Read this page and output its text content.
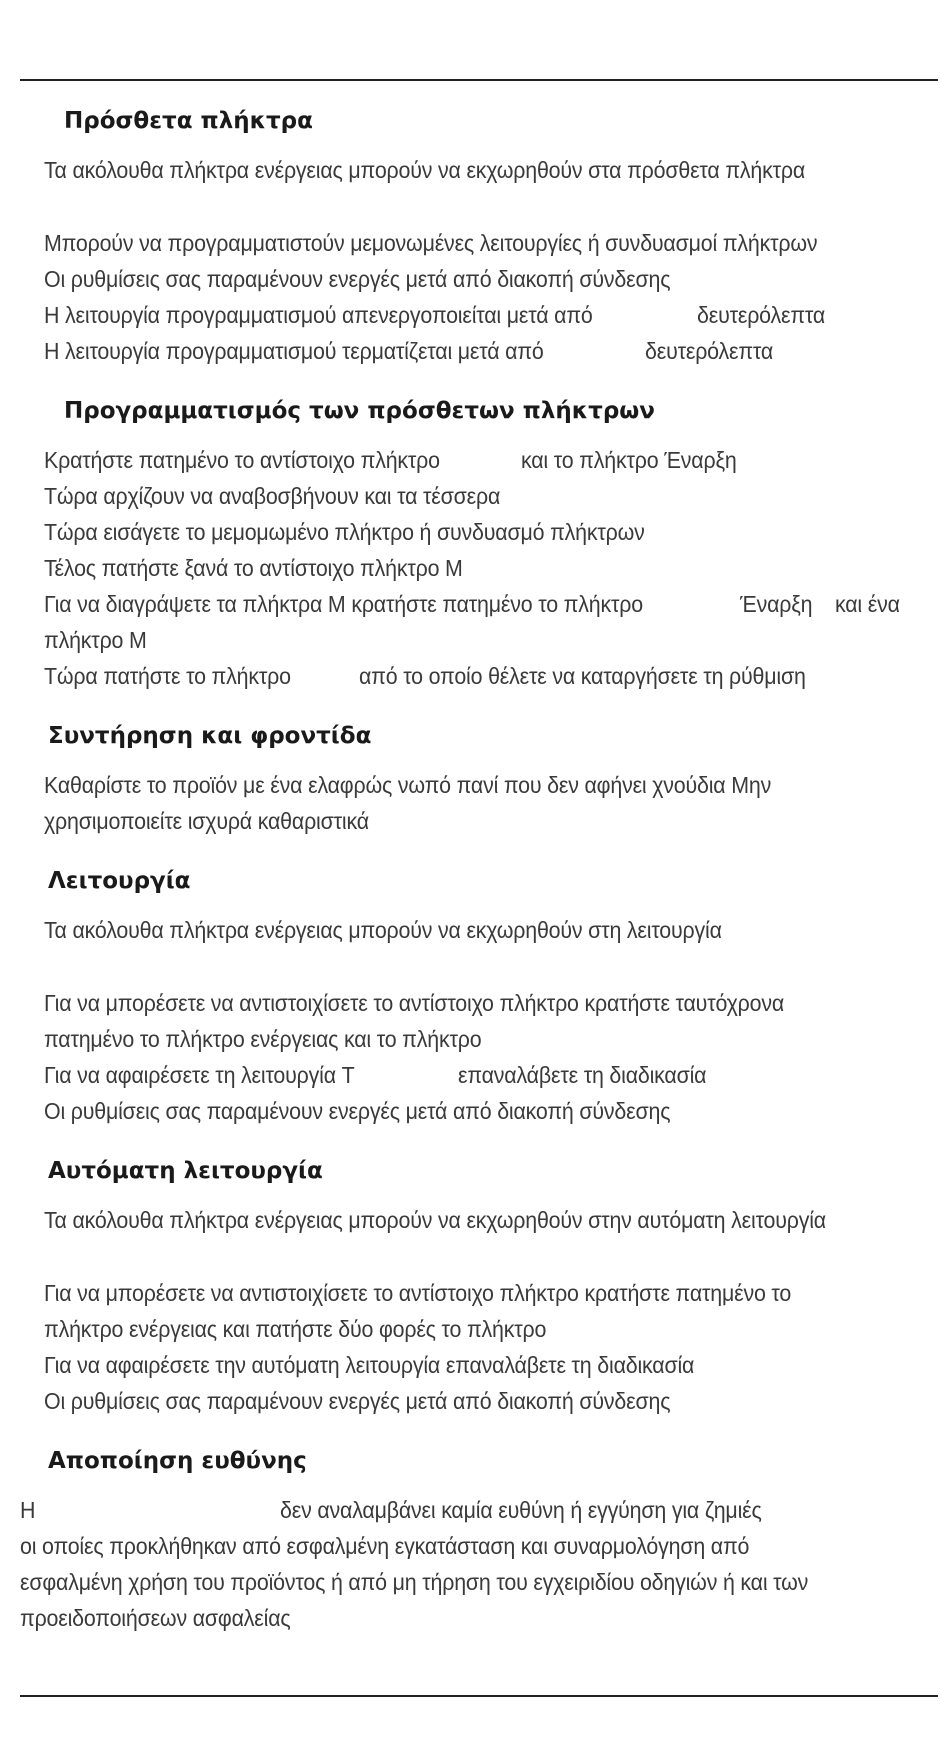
Πρόσθετα πλήκτρα
Τα ακόλουθα πλήκτρα ενέργειας μπορούν να εκχωρηθούν στα πρόσθετα πλήκτρα
Μπορούν να προγραμματιστούν μεμονωμένες λειτουργίες ή συνδυασμοί πλήκτρων
Οι ρυθμίσεις σας παραμένουν ενεργές μετά από διακοπή σύνδεσης
Η λειτουργία προγραμματισμού απενεργοποιείται μετά από	δευτερόλεπτα
Η λειτουργία προγραμματισμού τερματίζεται μετά από	δευτερόλεπτα
Προγραμματισμός των πρόσθετων πλήκτρων
Κρατήστε πατημένο το αντίστοιχο πλήκτρο	και το πλήκτρο Έναρξη
Τώρα αρχίζουν να αναβοσβήνουν και τα τέσσερα
Τώρα εισάγετε το μεμομωμένο πλήκτρο ή συνδυασμό πλήκτρων
Τέλος πατήστε ξανά το αντίστοιχο πλήκτρο M
Για να διαγράψετε τα πλήκτρα M κρατήστε πατημένο το πλήκτρο	Έναρξη και ένα
πλήκτρο M
Τώρα πατήστε το πλήκτρο	από το οποίο θέλετε να καταργήσετε τη ρύθμιση
Συντήρηση και φροντίδα
Καθαρίστε το προϊόν με ένα ελαφρώς νωπό πανί που δεν αφήνει χνούδια Μην
χρησιμοποιείτε ισχυρά καθαριστικά
Λειτουργία
Τα ακόλουθα πλήκτρα ενέργειας μπορούν να εκχωρηθούν στη λειτουργία
Για να μπορέσετε να αντιστοιχίσετε το αντίστοιχο πλήκτρο κρατήστε ταυτόχρονα
πατημένο το πλήκτρο ενέργειας και το πλήκτρο
Για να αφαιρέσετε τη λειτουργία T	επαναλάβετε τη διαδικασία
Οι ρυθμίσεις σας παραμένουν ενεργές μετά από διακοπή σύνδεσης
Αυτόματη λειτουργία
Τα ακόλουθα πλήκτρα ενέργειας μπορούν να εκχωρηθούν στην αυτόματη λειτουργία
Για να μπορέσετε να αντιστοιχίσετε το αντίστοιχο πλήκτρο κρατήστε πατημένο το
πλήκτρο ενέργειας και πατήστε δύο φορές το πλήκτρο
Για να αφαιρέσετε την αυτόματη λειτουργία επαναλάβετε τη διαδικασία
Οι ρυθμίσεις σας παραμένουν ενεργές μετά από διακοπή σύνδεσης
Αποποίηση ευθύνης
Η	δεν αναλαμβάνει καμία ευθύνη ή εγγύηση για ζημιές
οι οποίες προκλήθηκαν από εσφαλμένη εγκατάσταση και συναρμολόγηση από
εσφαλμένη χρήση του προϊόντος ή από μη τήρηση του εγχειριδίου οδηγιών ή και των
προειδοποιήσεων ασφαλείας
